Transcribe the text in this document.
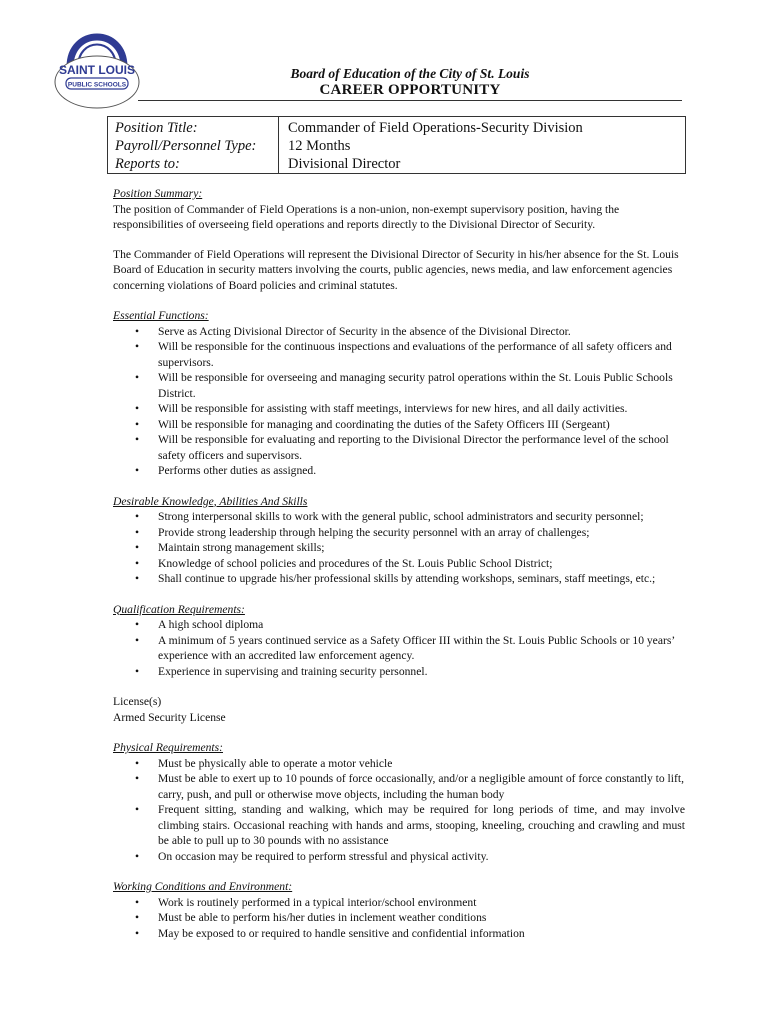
SAINT LOUIS
PUBLIC SCHOOLS
Board of Education of the City of St. Louis
CAREER OPPORTUNITY
Position Title:
Payroll/Personnel Type:
Reports to:
Commander of Field Operations-Security Division
12 Months
Divisional Director

Position Summary:

The position of Commander of Field Operations is a non-union, non-exempt supervisory position, having the responsibilities of overseeing field operations and reports directly to the Divisional Director of Security.

The Commander of Field Operations will represent the Divisional Director of Security in his/her absence for the St. Louis Board of Education in security matters involving the courts, public agencies, news media, and law enforcement agencies concerning violations of Board policies and criminal statutes.

Essential Functions:

• Serve as Acting Divisional Director of Security in the absence of the Divisional Director.
• Will be responsible for the continuous inspections and evaluations of the performance of all safety officers and supervisors.
• Will be responsible for overseeing and managing security patrol operations within the St. Louis Public Schools District.
• Will be responsible for assisting with staff meetings, interviews for new hires, and all daily activities.
• Will be responsible for managing and coordinating the duties of the Safety Officers III (Sergeant)
• Will be responsible for evaluating and reporting to the Divisional Director the performance level of the school safety officers and supervisors.
• Performs other duties as assigned.

Desirable Knowledge, Abilities And Skills

• Strong interpersonal skills to work with the general public, school administrators and security personnel;
• Provide strong leadership through helping the security personnel with an array of challenges;
• Maintain strong management skills;
• Knowledge of school policies and procedures of the St. Louis Public School District;
• Shall continue to upgrade his/her professional skills by attending workshops, seminars, staff meetings, etc.;

Qualification Requirements:

• A high school diploma
• A minimum of 5 years continued service as a Safety Officer III within the St. Louis Public Schools or 10 years’ experience with an accredited law enforcement agency.
• Experience in supervising and training security personnel.

License(s)

Armed Security License

Physical Requirements:

• Must be physically able to operate a motor vehicle
• Must be able to exert up to 10 pounds of force occasionally, and/or a negligible amount of force constantly to lift, carry, push, and pull or otherwise move objects, including the human body
• Frequent sitting, standing and walking, which may be required for long periods of time, and may involve climbing stairs. Occasional reaching with hands and arms, stooping, kneeling, crouching and crawling and must be able to pull up to 30 pounds with no assistance
• On occasion may be required to perform stressful and physical activity.

Working Conditions and Environment:

• Work is routinely performed in a typical interior/school environment
• Must be able to perform his/her duties in inclement weather conditions
• May be exposed to or required to handle sensitive and confidential information
